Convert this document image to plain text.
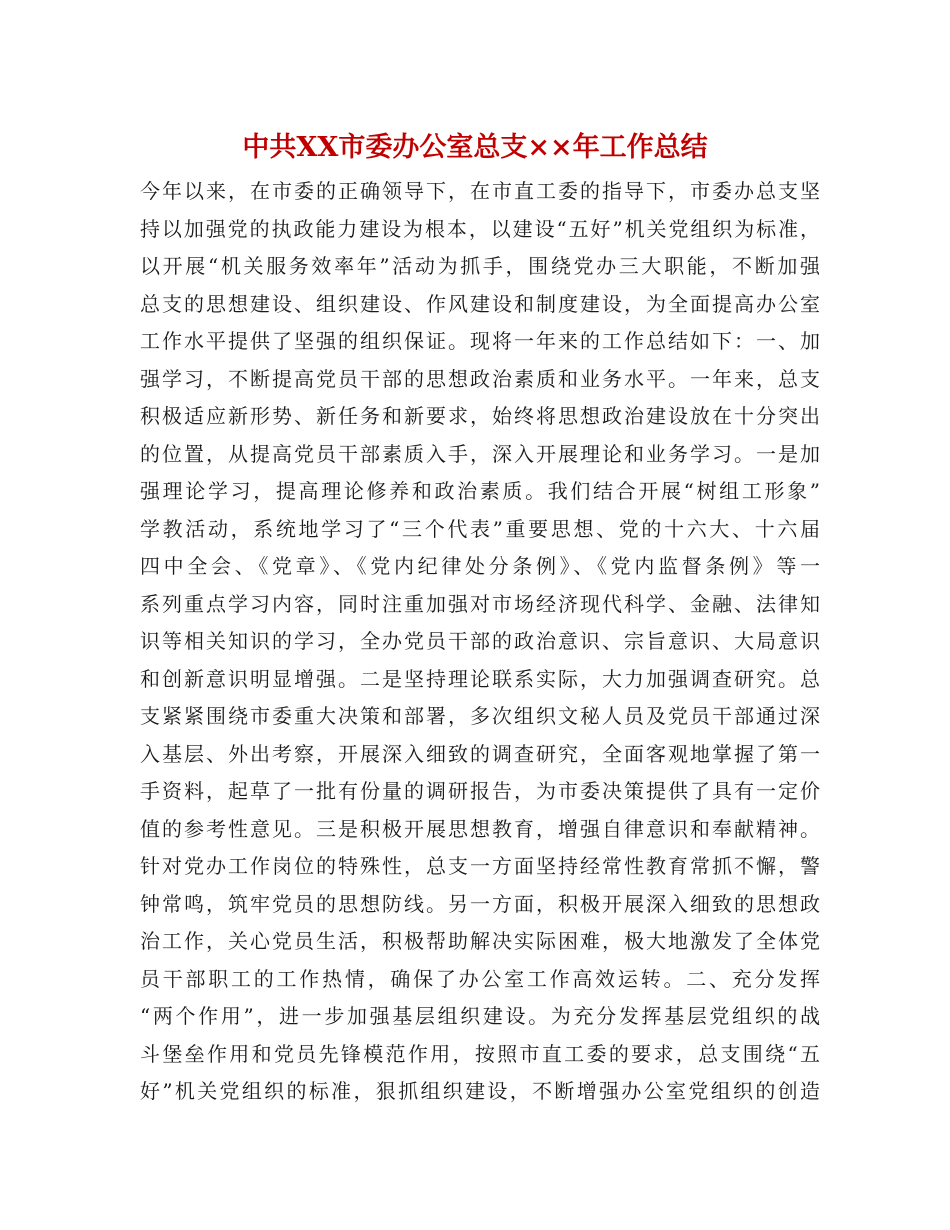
中共XX市委办公室总支××年工作总结
今年以来，在市委的正确领导下，在市直工委的指导下，市委办总支坚
持以加强党的执政能力建设为根本，以建设“五好”机关党组织为标准，
以开展“机关服务效率年”活动为抓手，围绕党办三大职能，不断加强
总支的思想建设、组织建设、作风建设和制度建设，为全面提高办公室
工作水平提供了坚强的组织保证。现将一年来的工作总结如下：一、加
强学习，不断提高党员干部的思想政治素质和业务水平。一年来，总支
积极适应新形势、新任务和新要求，始终将思想政治建设放在十分突出
的位置，从提高党员干部素质入手，深入开展理论和业务学习。一是加
强理论学习，提高理论修养和政治素质。我们结合开展“树组工形象”
学教活动，系统地学习了“三个代表”重要思想、党的十六大、十六届
四中全会、《党章》、《党内纪律处分条例》、《党内监督条例》等一
系列重点学习内容，同时注重加强对市场经济现代科学、金融、法律知
识等相关知识的学习，全办党员干部的政治意识、宗旨意识、大局意识
和创新意识明显增强。二是坚持理论联系实际，大力加强调查研究。总
支紧紧围绕市委重大决策和部署，多次组织文秘人员及党员干部通过深
入基层、外出考察，开展深入细致的调查研究，全面客观地掌握了第一
手资料，起草了一批有份量的调研报告，为市委决策提供了具有一定价
值的参考性意见。三是积极开展思想教育，增强自律意识和奉献精神。
针对党办工作岗位的特殊性，总支一方面坚持经常性教育常抓不懈，警
钟常鸣，筑牢党员的思想防线。另一方面，积极开展深入细致的思想政
治工作，关心党员生活，积极帮助解决实际困难，极大地激发了全体党
员干部职工的工作热情，确保了办公室工作高效运转。二、充分发挥
“两个作用”，进一步加强基层组织建设。为充分发挥基层党组织的战
斗堡垒作用和党员先锋模范作用，按照市直工委的要求，总支围绕“五
好”机关党组织的标准，狠抓组织建设，不断增强办公室党组织的创造
